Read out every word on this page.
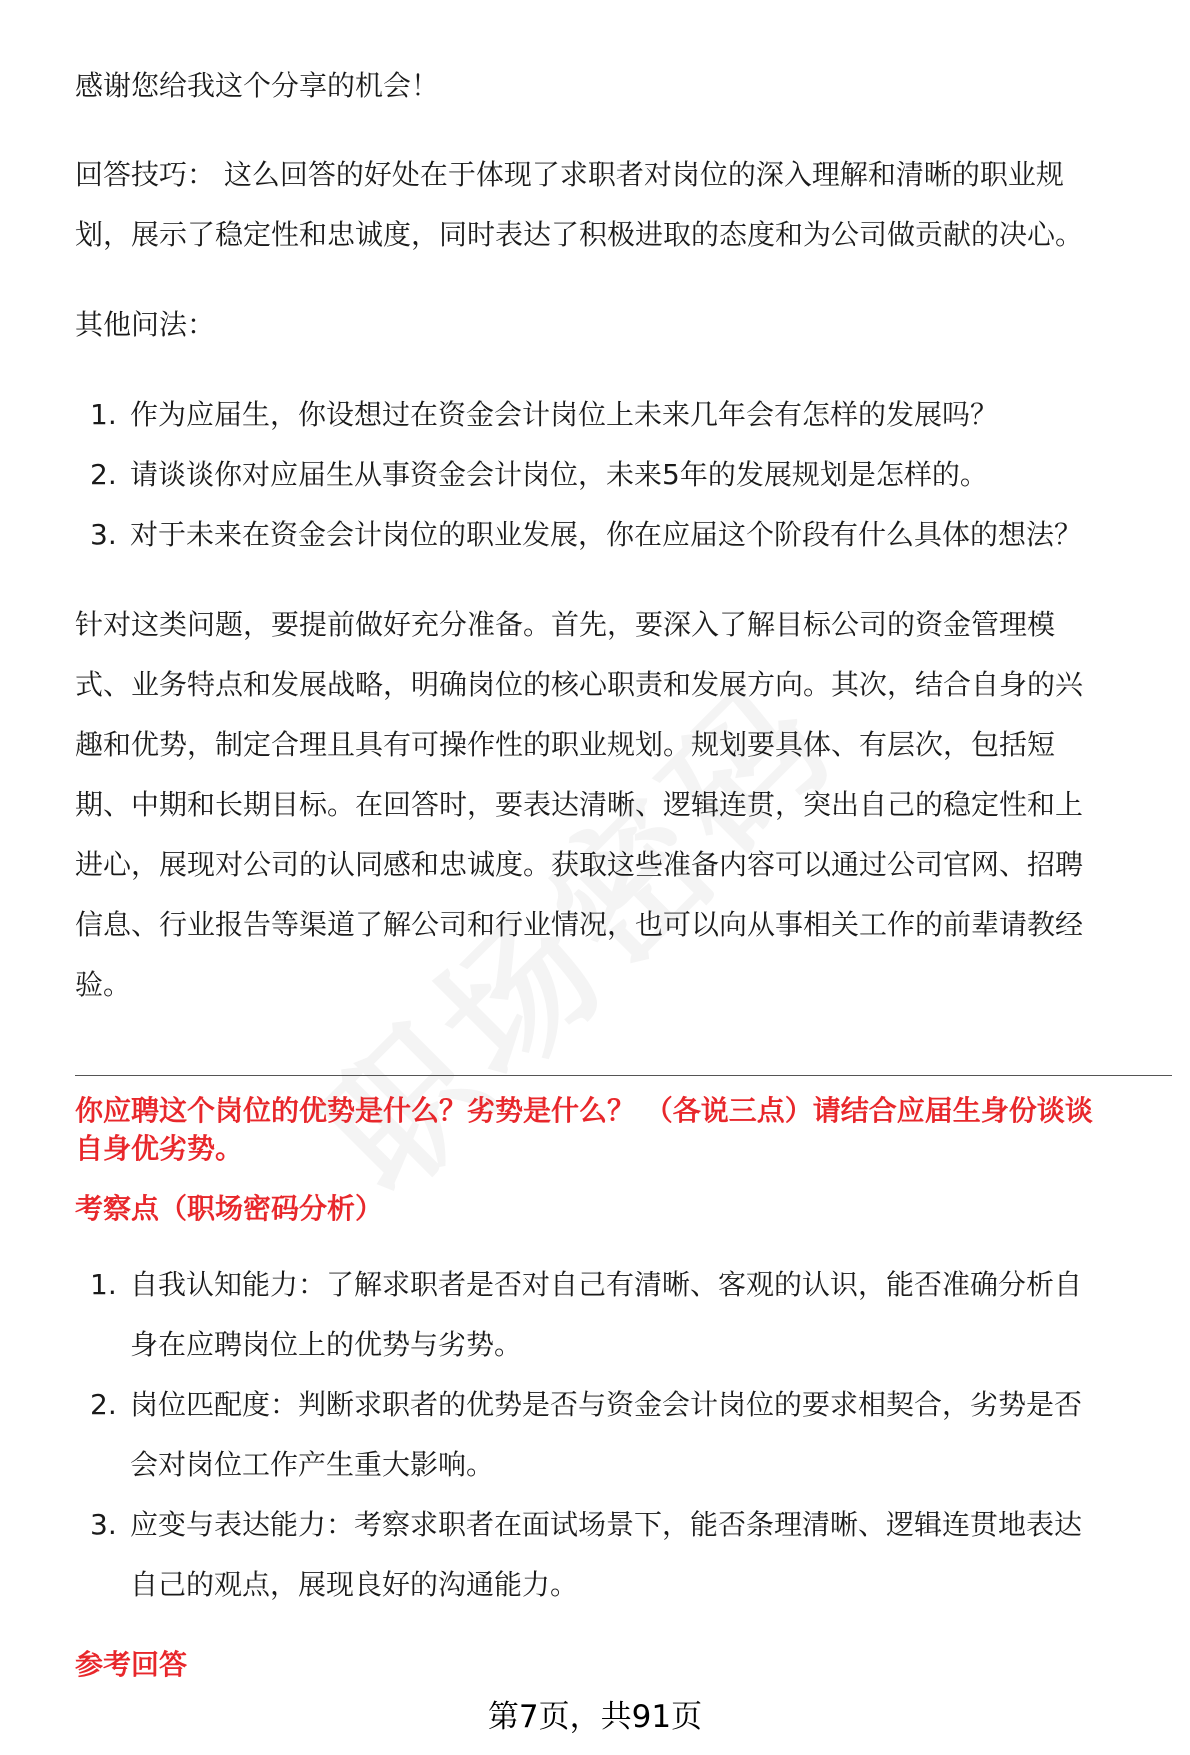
感谢您给我这个分享的机会！

回答技巧： 这么回答的好处在于体现了求职者对岗位的深入理解和清晰的职业规

划，展示了稳定性和忠诚度，同时表达了积极进取的态度和为公司做贡献的决心。

其他问法：

1. 作为应届生，你设想过在资金会计岗位上未来几年会有怎样的发展吗？

2. 请谈谈你对应届生从事资金会计岗位，未来5年的发展规划是怎样的。

3. 对于未来在资金会计岗位的职业发展，你在应届这个阶段有什么具体的想法？

针对这类问题，要提前做好充分准备。首先，要深入了解目标公司的资金管理模

式、业务特点和发展战略，明确岗位的核心职责和发展方向。其次，结合自身的兴

趣和优势，制定合理且具有可操作性的职业规划。规划要具体、有层次，包括短

期、中期和长期目标。在回答时，要表达清晰、逻辑连贯，突出自己的稳定性和上

进心，展现对公司的认同感和忠诚度。获取这些准备内容可以通过公司官网、招聘

信息、行业报告等渠道了解公司和行业情况，也可以向从事相关工作的前辈请教经

验。

你应聘这个岗位的优势是什么？劣势是什么？ （各说三点）请结合应届生身份谈谈

自身优劣势。

考察点（职场密码分析）

1. 自我认知能力：了解求职者是否对自己有清晰、客观的认识，能否准确分析自

身在应聘岗位上的优势与劣势。

2. 岗位匹配度：判断求职者的优势是否与资金会计岗位的要求相契合，劣势是否

会对岗位工作产生重大影响。

3. 应变与表达能力：考察求职者在面试场景下，能否条理清晰、逻辑连贯地表达

自己的观点，展现良好的沟通能力。

参考回答

第7页，共91页
